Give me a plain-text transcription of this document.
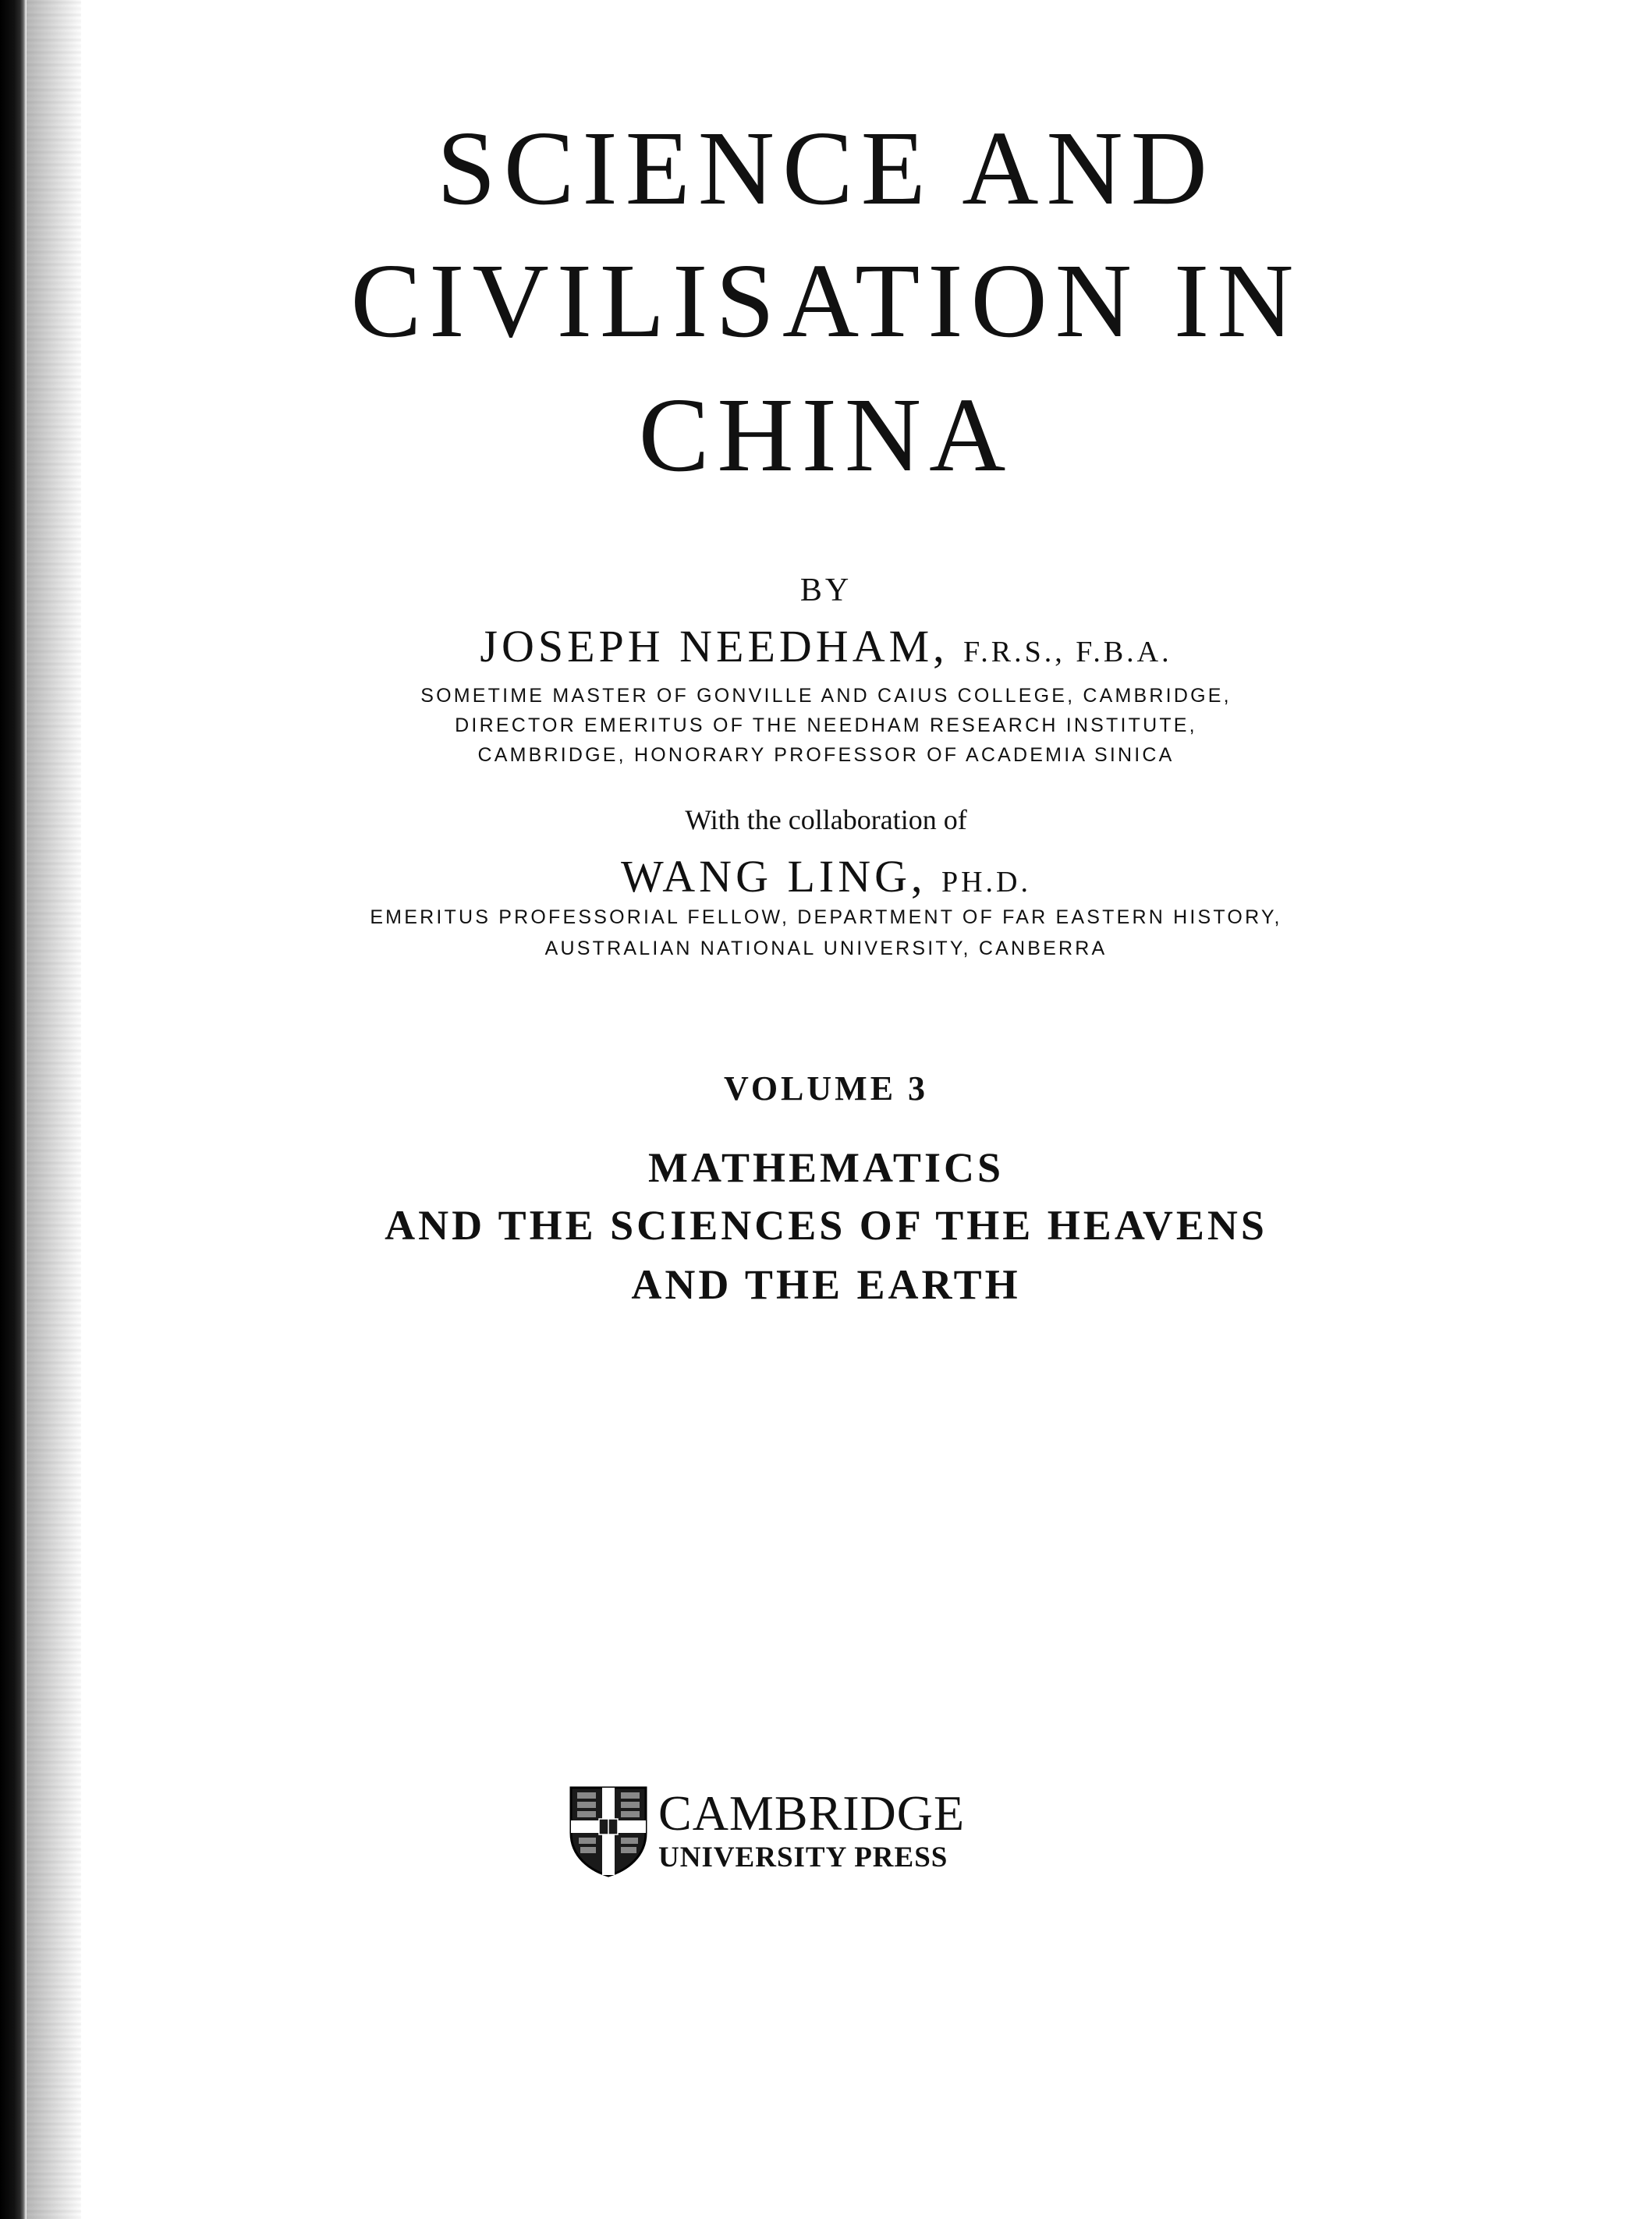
SCIENCE AND
CIVILISATION IN
CHINA
BY
JOSEPH NEEDHAM, F.R.S., F.B.A.
SOMETIME MASTER OF GONVILLE AND CAIUS COLLEGE, CAMBRIDGE,
DIRECTOR EMERITUS OF THE NEEDHAM RESEARCH INSTITUTE,
CAMBRIDGE, HONORARY PROFESSOR OF ACADEMIA SINICA
With the collaboration of
WANG LING, PH.D.
EMERITUS PROFESSORIAL FELLOW, DEPARTMENT OF FAR EASTERN HISTORY,
AUSTRALIAN NATIONAL UNIVERSITY, CANBERRA
VOLUME 3
MATHEMATICS
AND THE SCIENCES OF THE HEAVENS
AND THE EARTH
CAMBRIDGE
UNIVERSITY PRESS
